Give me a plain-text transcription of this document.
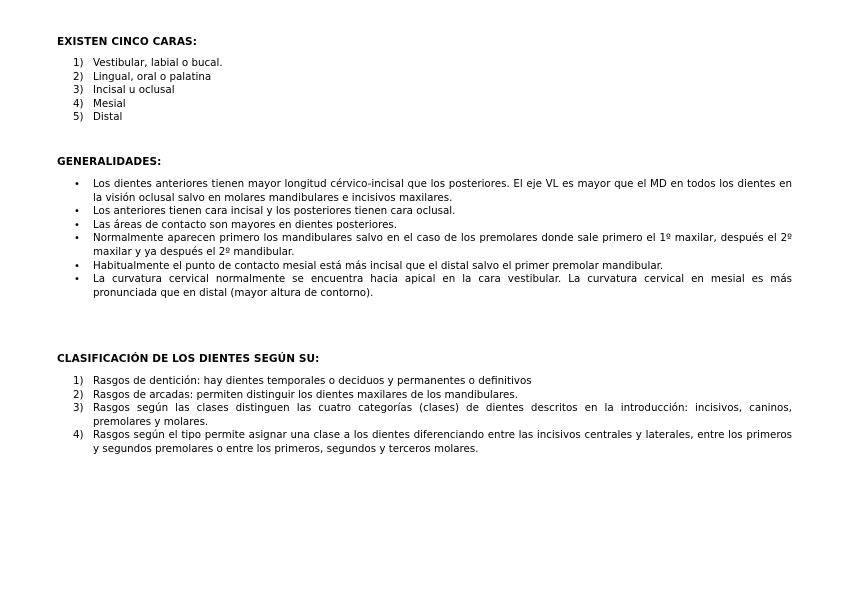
EXISTEN CINCO CARAS:
1) Vestibular, labial o bucal.
2) Lingual, oral o palatina
3) Incisal u oclusal
4) Mesial
5) Distal
GENERALIDADES:
• Los dientes anteriores tienen mayor longitud cérvico-incisal que los posteriores. El eje VL es mayor que el MD en todos los dientes en la visión oclusal salvo en molares mandibulares e incisivos maxilares.
• Los anteriores tienen cara incisal y los posteriores tienen cara oclusal.
• Las áreas de contacto son mayores en dientes posteriores.
• Normalmente aparecen primero los mandibulares salvo en el caso de los premolares donde sale primero el 1º maxilar, después el 2º maxilar y ya después el 2º mandibular.
• Habitualmente el punto de contacto mesial está más incisal que el distal salvo el primer premolar mandibular.
• La curvatura cervical normalmente se encuentra hacia apical en la cara vestibular. La curvatura cervical en mesial es más pronunciada que en distal (mayor altura de contorno).
CLASIFICACIÓN DE LOS DIENTES SEGÚN SU:
1) Rasgos de dentición: hay dientes temporales o deciduos y permanentes o definitivos
2) Rasgos de arcadas: permiten distinguir los dientes maxilares de los mandibulares.
3) Rasgos según las clases distinguen las cuatro categorías (clases) de dientes descritos en la introducción: incisivos, caninos, premolares y molares.
4) Rasgos según el tipo permite asignar una clase a los dientes diferenciando entre las incisivos centrales y laterales, entre los primeros y segundos premolares o entre los primeros, segundos y terceros molares.
